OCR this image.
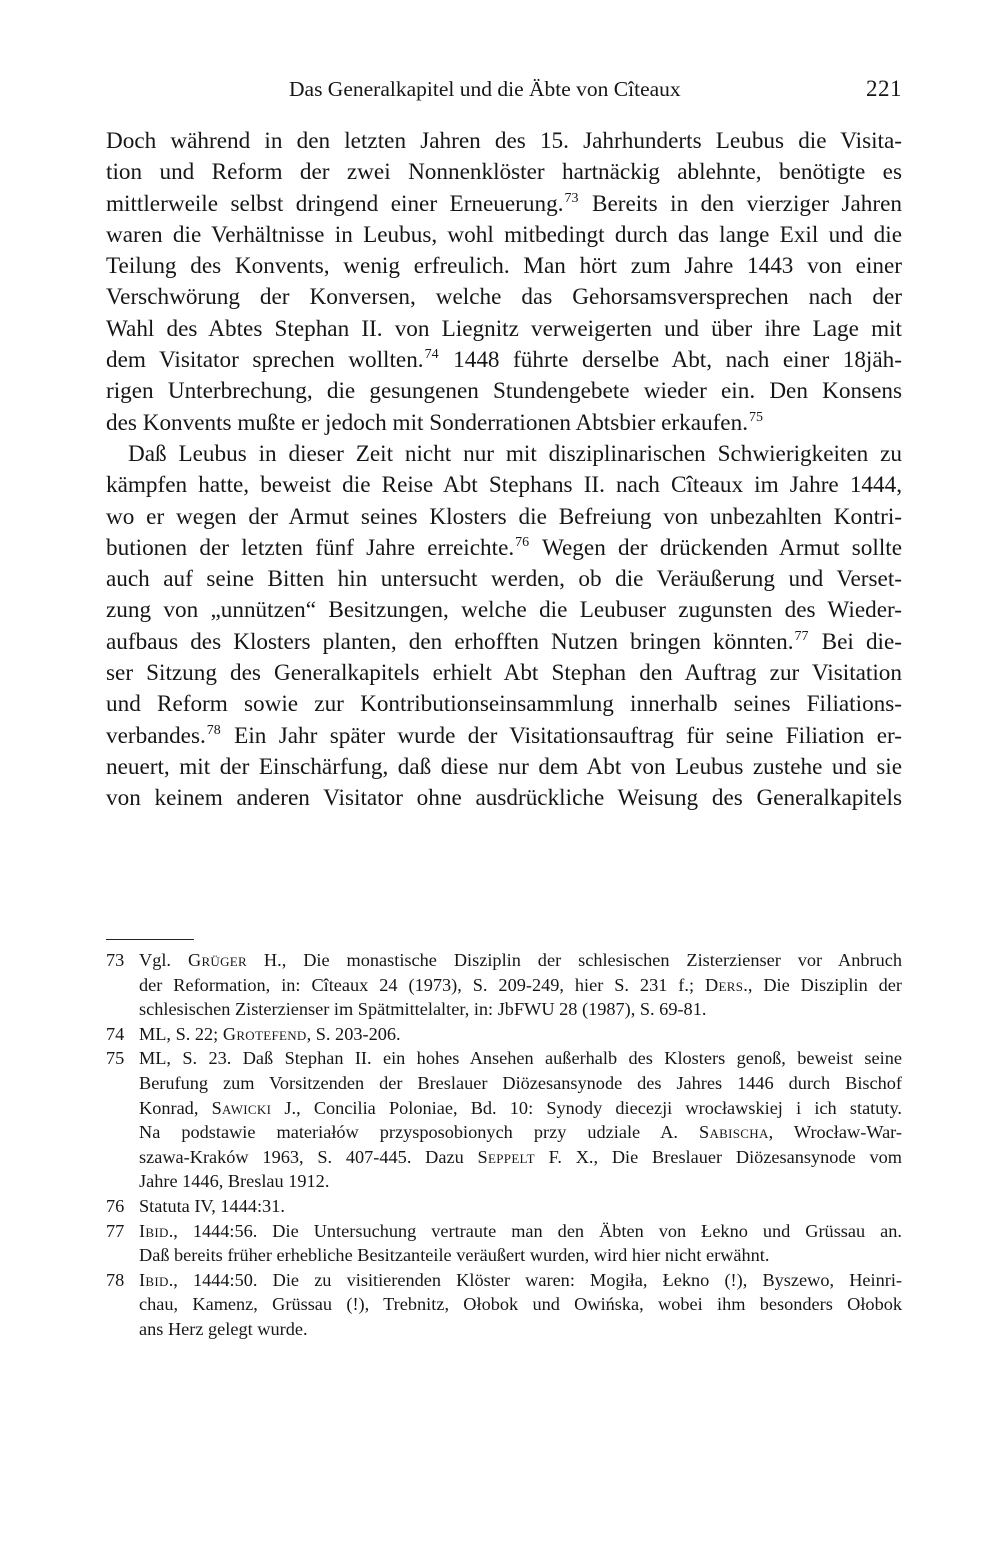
Das Generalkapitel und die Äbte von Cîteaux	221
Doch während in den letzten Jahren des 15. Jahrhunderts Leubus die Visita-
tion und Reform der zwei Nonnenklöster hartnäckig ablehnte, benötigte es
mittlerweile selbst dringend einer Erneuerung.$^{73}$ Bereits in den vierziger Jahren
waren die Verhältnisse in Leubus, wohl mitbedingt durch das lange Exil und die
Teilung des Konvents, wenig erfreulich. Man hört zum Jahre 1443 von einer
Verschwörung der Konversen, welche das Gehorsamsversprechen nach der
Wahl des Abtes Stephan II. von Liegnitz verweigerten und über ihre Lage mit
dem Visitator sprechen wollten.$^{74}$ 1448 führte derselbe Abt, nach einer 18jäh-
rigen Unterbrechung, die gesungenen Stundengebete wieder ein. Den Konsens
des Konvents mußte er jedoch mit Sonderrationen Abtsbier erkaufen.$^{75}$
Daß Leubus in dieser Zeit nicht nur mit disziplinarischen Schwierigkeiten zu
kämpfen hatte, beweist die Reise Abt Stephans II. nach Cîteaux im Jahre 1444,
wo er wegen der Armut seines Klosters die Befreiung von unbezahlten Kontri-
butionen der letzten fünf Jahre erreichte.$^{76}$ Wegen der drückenden Armut sollte
auch auf seine Bitten hin untersucht werden, ob die Veräußerung und Verset-
zung von „unnützen“ Besitzungen, welche die Leubuser zugunsten des Wieder-
aufbaus des Klosters planten, den erhofften Nutzen bringen könnten.$^{77}$ Bei die-
ser Sitzung des Generalkapitels erhielt Abt Stephan den Auftrag zur Visitation
und Reform sowie zur Kontributionseinsammlung innerhalb seines Filiations-
verbandes.$^{78}$ Ein Jahr später wurde der Visitationsauftrag für seine Filiation er-
neuert, mit der Einschärfung, daß diese nur dem Abt von Leubus zustehe und sie
von keinem anderen Visitator ohne ausdrückliche Weisung des Generalkapitels
73 Vgl. Grüger H., Die monastische Disziplin der schlesischen Zisterzienser vor Anbruch
der Reformation, in: Cîteaux 24 (1973), S. 209-249, hier S. 231 f.; Ders., Die Disziplin der
schlesischen Zisterzienser im Spätmittelalter, in: JbFWU 28 (1987), S. 69-81.
74 ML, S. 22; Grotefend, S. 203-206.
75 ML, S. 23. Daß Stephan II. ein hohes Ansehen außerhalb des Klosters genoß, beweist seine
Berufung zum Vorsitzenden der Breslauer Diözesansynode des Jahres 1446 durch Bischof
Konrad, Sawicki J., Concilia Poloniae, Bd. 10: Synody diecezji wrocławskiej i ich statuty.
Na podstawie materiałów przysposobionych przy udziale A. Sabischa, Wrocław-War-
szawa-Kraków 1963, S. 407-445. Dazu Seppelt F. X., Die Breslauer Diözesansynode vom
Jahre 1446, Breslau 1912.
76 Statuta IV, 1444:31.
77 Ibid., 1444:56. Die Untersuchung vertraute man den Äbten von Łekno und Grüssau an.
Daß bereits früher erhebliche Besitzanteile veräußert wurden, wird hier nicht erwähnt.
78 Ibid., 1444:50. Die zu visitierenden Klöster waren: Mogiła, Łekno (!), Byszewo, Heinri-
chau, Kamenz, Grüssau (!), Trebnitz, Ołobok und Owińska, wobei ihm besonders Ołobok
ans Herz gelegt wurde.
